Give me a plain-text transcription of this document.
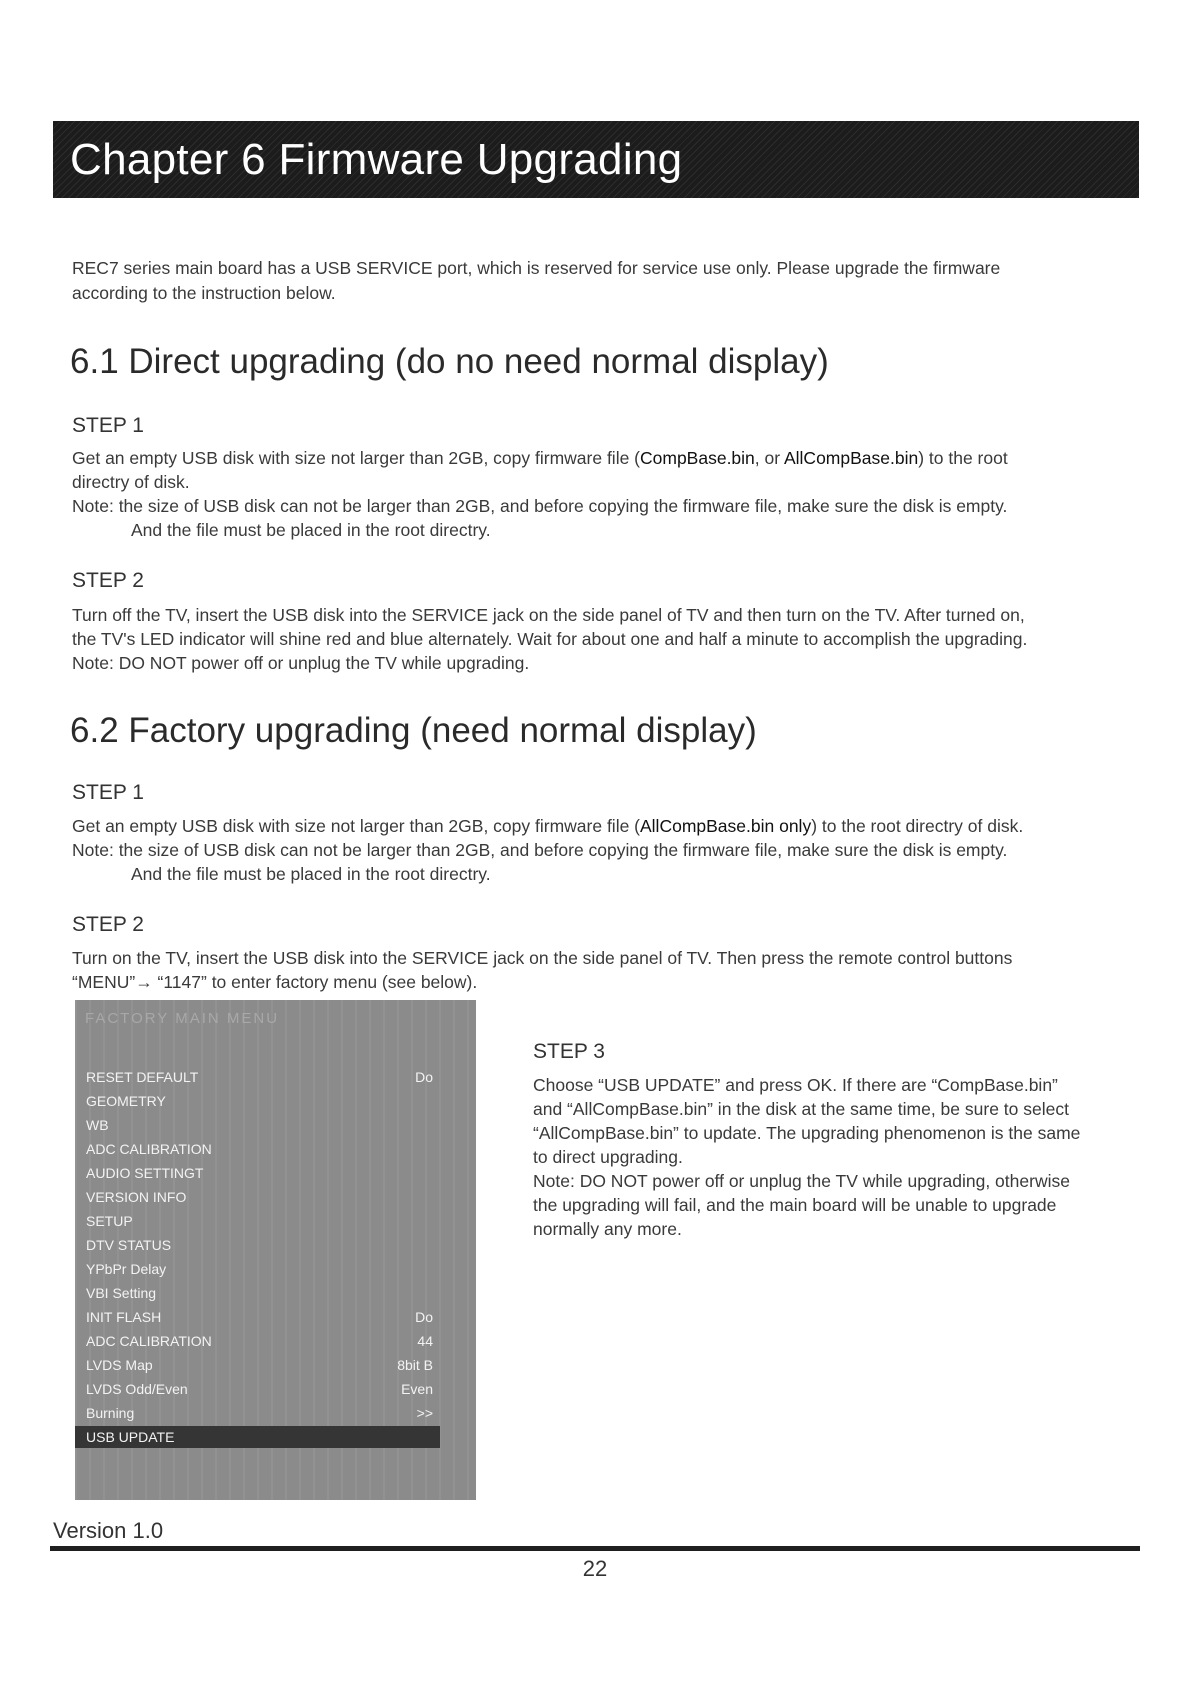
Chapter 6 Firmware Upgrading

REC7 series main board has a USB SERVICE port, which is reserved for service use only. Please upgrade the firmware
according to the instruction below.

6.1 Direct upgrading (do no need normal display)
STEP 1

Get an empty USB disk with size not larger than 2GB, copy firmware file (CompBase.bin, or AllCompBase.bin) to the root
directry of disk.
Note: the size of USB disk can not be larger than 2GB, and before copying the firmware file, make sure the disk is empty.
And the file must be placed in the root directry.

STEP 2

Turn off the TV, insert the USB disk into the SERVICE jack on the side panel of TV and then turn on the TV. After turned on,
the TV's LED indicator will shine red and blue alternately. Wait for about one and half a minute to accomplish the upgrading.
Note: DO NOT power off or unplug the TV while upgrading.

6.2 Factory upgrading (need normal display)
STEP 1

Get an empty USB disk with size not larger than 2GB, copy firmware file (AllCompBase.bin only) to the root directry of disk.
Note: the size of USB disk can not be larger than 2GB, and before copying the firmware file, make sure the disk is empty.
And the file must be placed in the root directry.

STEP 2

Turn on the TV, insert the USB disk into the SERVICE jack on the side panel of TV. Then press the remote control buttons
“MENU”→ “1147” to enter factory menu (see below).

FACTORY MAIN MENU
RESET DEFAULT	Do
GEOMETRY
WB
ADC CALIBRATION
AUDIO SETTINGT
VERSION INFO
SETUP
DTV STATUS
YPbPr Delay
VBI Setting
INIT FLASH	Do
ADC CALIBRATION	44
LVDS Map	8bit B
LVDS Odd/Even	Even
Burning	>>
USB UPDATE
STEP 3

Choose “USB UPDATE” and press OK. If there are “CompBase.bin”
and “AllCompBase.bin” in the disk at the same time, be sure to select
“AllCompBase.bin” to update. The upgrading phenomenon is the same
to direct upgrading.
Note: DO NOT power off or unplug the TV while upgrading, otherwise
the upgrading will fail, and the main board will be unable to upgrade
normally any more.

Version 1.0
22
